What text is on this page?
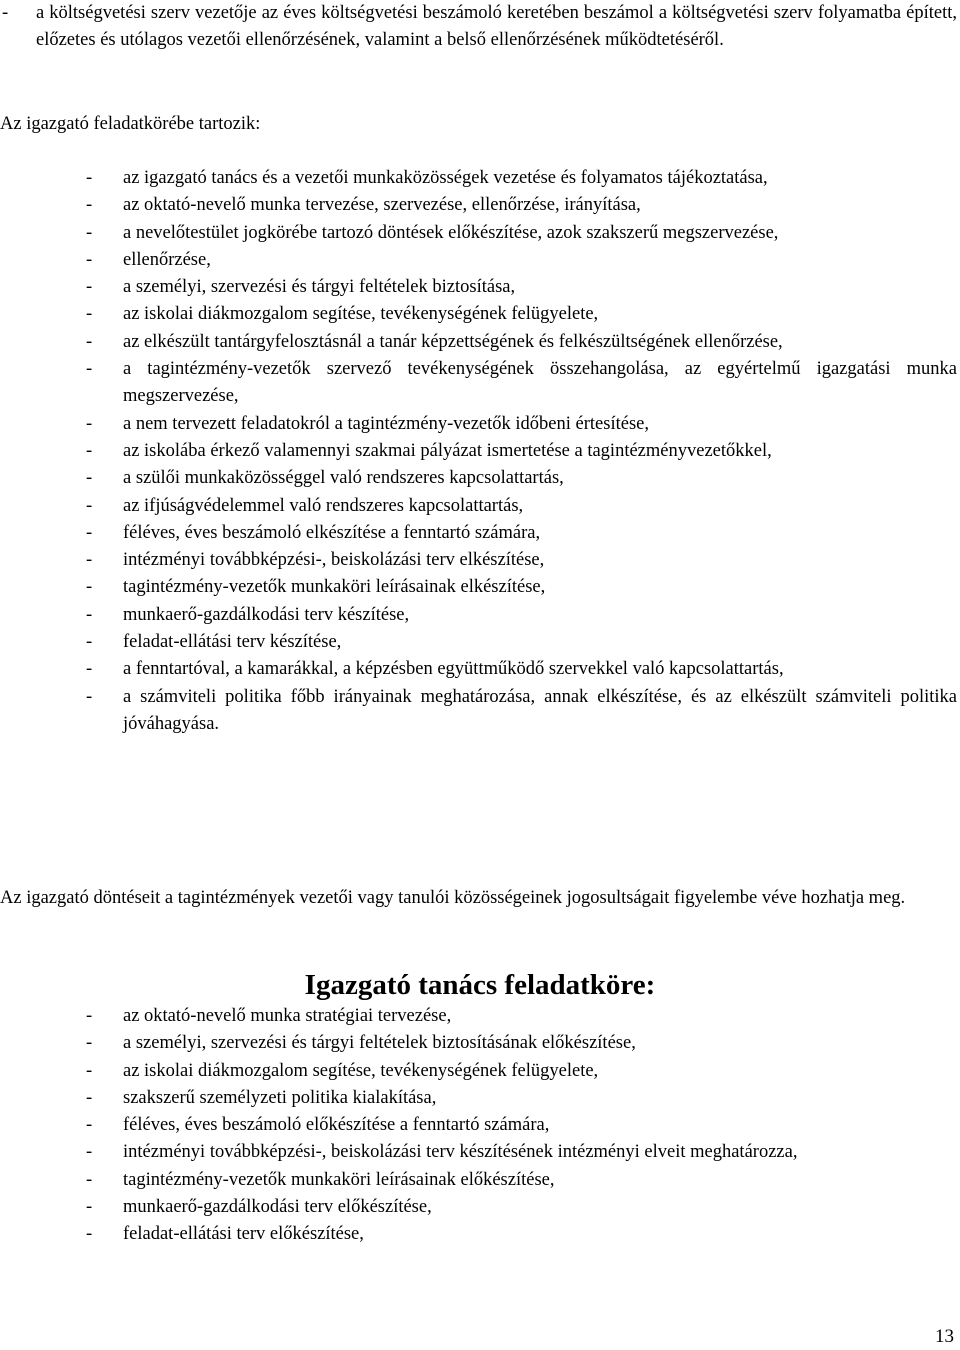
- a költségvetési szerv vezetője az éves költségvetési beszámoló keretében beszámol a költségvetési szerv folyamatba épített, előzetes és utólagos vezetői ellenőrzésének, valamint a belső ellenőrzésének működtetéséről.

Az igazgató feladatkörébe tartozik:

- az igazgató tanács és a vezetői munkaközösségek vezetése és folyamatos tájékoztatása,
- az oktató-nevelő munka tervezése, szervezése, ellenőrzése, irányítása,
- a nevelőtestület jogkörébe tartozó döntések előkészítése, azok szakszerű megszervezése,
- ellenőrzése,
- a személyi, szervezési és tárgyi feltételek biztosítása,
- az iskolai diákmozgalom segítése, tevékenységének felügyelete,
- az elkészült tantárgyfelosztásnál a tanár képzettségének és felkészültségének ellenőrzése,
- a tagintézmény-vezetők szervező tevékenységének összehangolása, az egyértelmű igazgatási munka megszervezése,
- a nem tervezett feladatokról a tagintézmény-vezetők időbeni értesítése,
- az iskolába érkező valamennyi szakmai pályázat ismertetése a tagintézményvezetőkkel,
- a szülői munkaközösséggel való rendszeres kapcsolattartás,
- az ifjúságvédelemmel való rendszeres kapcsolattartás,
- féléves, éves beszámoló elkészítése a fenntartó számára,
- intézményi továbbképzési-, beiskolázási terv elkészítése,
- tagintézmény-vezetők munkaköri leírásainak elkészítése,
- munkaerő-gazdálkodási terv készítése,
- feladat-ellátási terv készítése,
- a fenntartóval, a kamarákkal, a képzésben együttműködő szervekkel való kapcsolattartás,
- a számviteli politika főbb irányainak meghatározása, annak elkészítése, és az elkészült számviteli politika jóváhagyása.

Az igazgató döntéseit a tagintézmények vezetői vagy tanulói közösségeinek jogosultságait figyelembe véve hozhatja meg.

Igazgató tanács feladatköre:
- az oktató-nevelő munka stratégiai tervezése,
- a személyi, szervezési és tárgyi feltételek biztosításának előkészítése,
- az iskolai diákmozgalom segítése, tevékenységének felügyelete,
- szakszerű személyzeti politika kialakítása,
- féléves, éves beszámoló előkészítése a fenntartó számára,
- intézményi továbbképzési-, beiskolázási terv készítésének intézményi elveit meghatározza,
- tagintézmény-vezetők munkaköri leírásainak előkészítése,
- munkaerő-gazdálkodási terv előkészítése,
- feladat-ellátási terv előkészítése,
13
